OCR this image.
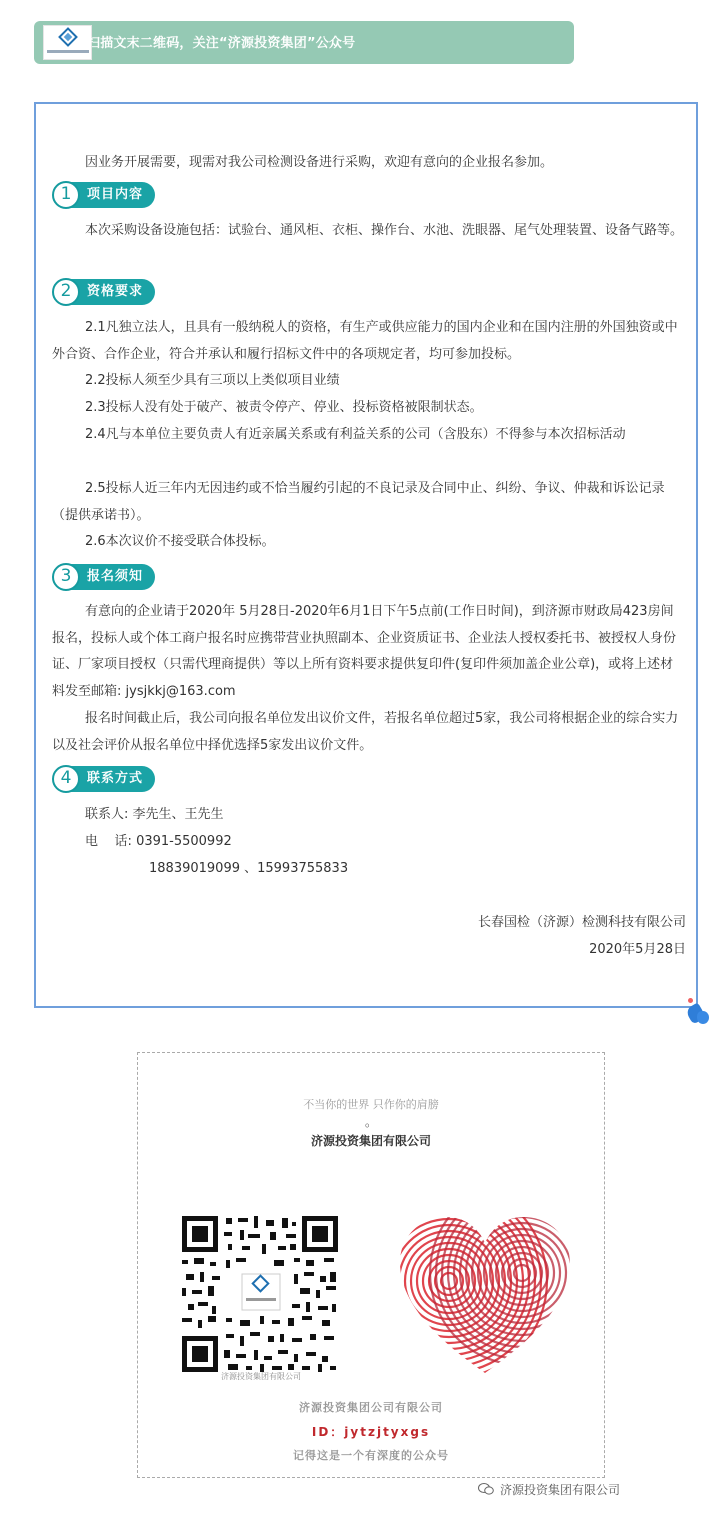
扫描文末二维码，关注“济源投资集团”公众号

因业务开展需要，现需对我公司检测设备进行采购，欢迎有意向的企业报名参加。

1	项目内容

本次采购设备设施包括：试验台、通风柜、衣柜、操作台、水池、洗眼器、尾气处理装置、设备气路等。

2	资格要求

2.1凡独立法人，且具有一般纳税人的资格，有生产或供应能力的国内企业和在国内注册的外国独资或中外合资、合作企业，符合并承认和履行招标文件中的各项规定者，均可参加投标。

2.2投标人须至少具有三项以上类似项目业绩

2.3投标人没有处于破产、被责令停产、停业、投标资格被限制状态。

2.4凡与本单位主要负责人有近亲属关系或有利益关系的公司（含股东）不得参与本次招标活动

2.5投标人近三年内无因违约或不恰当履约引起的不良记录及合同中止、纠纷、争议、仲裁和诉讼记录（提供承诺书）。

2.6本次议价不接受联合体投标。

3	报名须知

有意向的企业请于2020年 5月28日-2020年6月1日下午5点前(工作日时间)，到济源市财政局423房间报名，投标人或个体工商户报名时应携带营业执照副本、企业资质证书、企业法人授权委托书、被授权人身份证、厂家项目授权（只需代理商提供）等以上所有资料要求提供复印件(复印件须加盖企业公章)，或将上述材料发至邮箱: jysjkkj@163.com

报名时间截止后，我公司向报名单位发出议价文件，若报名单位超过5家，我公司将根据企业的综合实力以及社会评价从报名单位中择优选择5家发出议价文件。

4	联系方式
联系人: 李先生、王先生
电    话: 0391-5500992
18839019099 、15993755833
长春国检（济源）检测科技有限公司
2020年5月28日
不当你的世界 只作你的肩膀
。
济源投资集团有限公司
济源投资集团有限公司
济源投资集团公司有限公司
ID：jytzjtyxgs
记得这是一个有深度的公众号
济源投资集团有限公司
